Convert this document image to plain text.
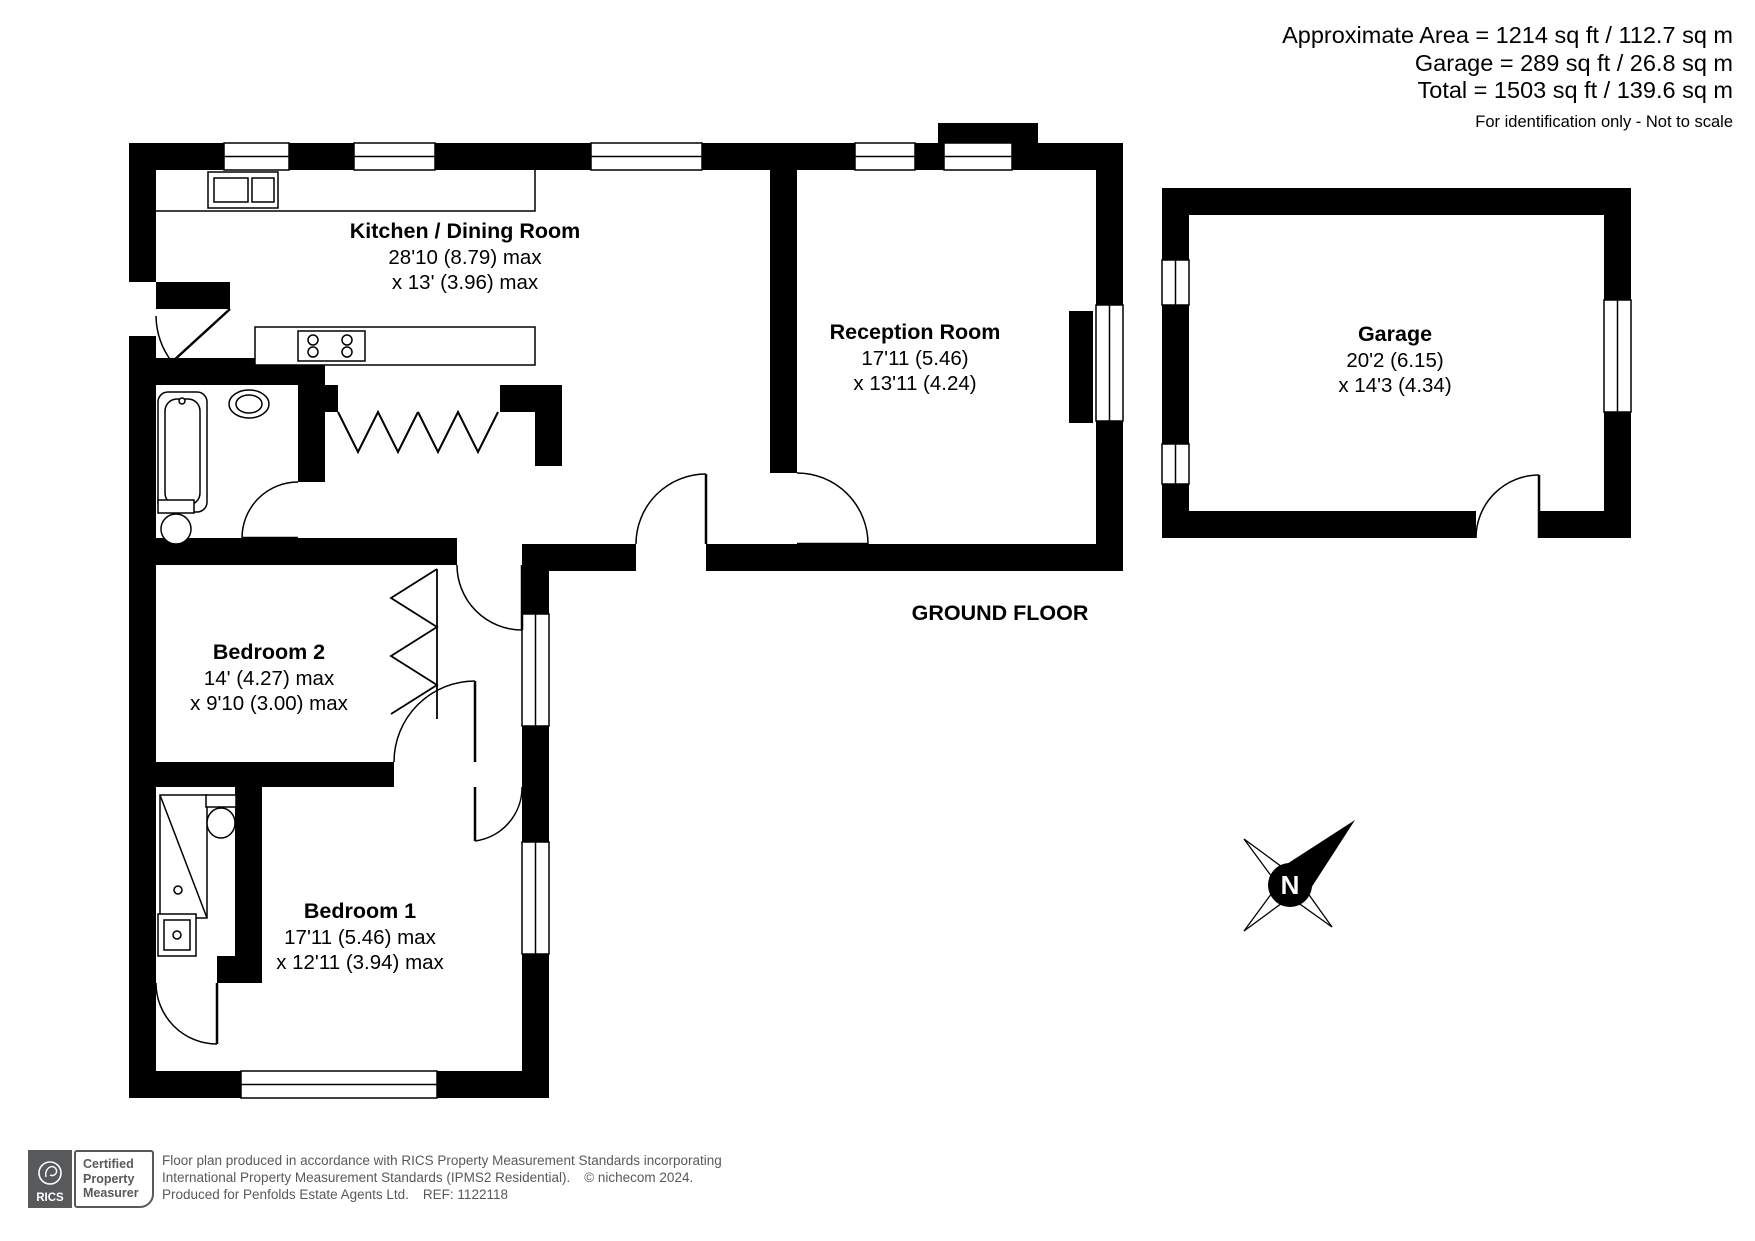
N
Approximate Area = 1214 sq ft / 112.7 sq m
Garage = 289 sq ft / 26.8 sq m
Total = 1503 sq ft / 139.6 sq m
For identification only - Not to scale
Kitchen / Dining Room
28'10 (8.79) max
x 13' (3.96) max
Reception Room
17'11 (5.46)
x 13'11 (4.24)
Garage
20'2 (6.15)
x 14'3 (4.34)
Bedroom 2
14' (4.27) max
x 9'10 (3.00) max
Bedroom 1
17'11 (5.46) max
x 12'11 (3.94) max
GROUND FLOOR
RICS
Certified
Property
Measurer
Floor plan produced in accordance with RICS Property Measurement Standards incorporating
International Property Measurement Standards (IPMS2 Residential). © nichecom 2024.
Produced for Penfolds Estate Agents Ltd. REF: 1122118
